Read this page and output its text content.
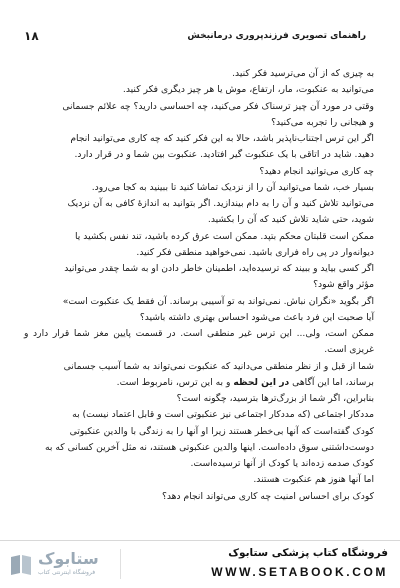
راهنمای تصویری فرزندپروری درمانبخش
۱۸

به چیزی که از آن می‌ترسید فکر کنید.

می‌توانید به عنکبوت، مار، ارتفاع، موش یا هر چیز دیگری فکر کنید.

وقتی در مورد آن چیز ترسناک فکر می‌کنید، چه احساسی دارید؟ چه علائم جسمانی

و هیجانی را تجربه می‌کنید؟

اگر این ترس اجتناب‌ناپذیر باشد، حالا به این فکر کنید که چه کاری می‌توانید انجام

دهید. شاید در اتاقی با یک عنکبوت گیر افتادید. عنکبوت بین شما و در قرار دارد.

چه کاری می‌توانید انجام دهید؟

بسیار خب، شما می‌توانید آن را از نزدیک تماشا کنید تا ببینید به کجا می‌رود.

می‌توانید تلاش کنید و آن را به دام بیندازید. اگر بتوانید به اندازهٔ کافی به آن نزدیک

شوید، حتی شاید تلاش کنید که آن را بکشید.

ممکن است قلبتان محکم بتپد. ممکن است عرق کرده باشید، تند نفس بکشید یا

دیوانه‌وار در پی راه فراری باشید. نمی‌خواهید منطقی فکر کنید.

اگر کسی بیاید و ببیند که ترسیده‌اید، اطمینان خاطر دادن او به شما چقدر می‌توانید

مؤثر واقع شود؟

اگر بگوید «نگران نباش. نمی‌تواند به تو آسیبی برساند. آن فقط یک عنکبوت است»

آیا صحبت این فرد باعث می‌شود احساس بهتری داشته باشید؟

ممکن است، ولی... این ترس غیر منطقی است. در قسمت پایین مغز شما قرار دارد و غریزی است.

شما از قبل و از نظر منطقی می‌دانید که عنکبوت نمی‌تواند به شما آسیب جسمانی

برساند، اما این آگاهی در این لحظه و به این ترس، نامربوط است.

بنابراین، اگر شما از بزرگ‌ترها بترسید، چگونه است؟

مددکار اجتماعی (که مددکار اجتماعی نیز عنکبوتی است و قابل اعتماد نیست) به

کودک گفته‌است که آنها بی‌خطر هستند زیرا او آنها را به زندگی با والدین عنکبوتی

دوست‌داشتنی سوق داده‌است. اینها والدین عنکبوتی هستند، نه مثل آخرین کسانی که به

کودک صدمه زده‌اند یا کودک از آنها ترسیده‌است.

اما آنها هنوز هم عنکبوت هستند.

کودک برای احساس امنیت چه کاری می‌تواند انجام دهد؟

ستابوک
فروشگاه اینترنتی کتاب
فروشگاه کتاب پزشکی ستابوک
WWW.SETABOOK.COM
